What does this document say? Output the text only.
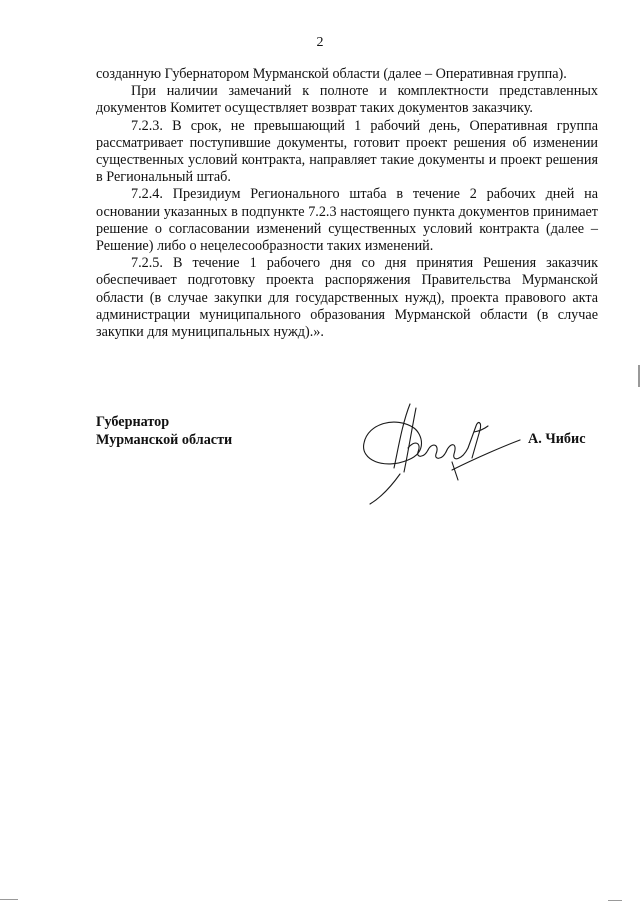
2

созданную Губернатором Мурманской области (далее – Оперативная группа).

При наличии замечаний к полноте и комплектности представленных документов Комитет осуществляет возврат таких документов заказчику.

7.2.3. В срок, не превышающий 1 рабочий день, Оперативная группа рассматривает поступившие документы, готовит проект решения об изменении существенных условий контракта, направляет такие документы и проект решения в Региональный штаб.

7.2.4. Президиум Регионального штаба в течение 2 рабочих дней на основании указанных в подпункте 7.2.3 настоящего пункта документов принимает решение о согласовании изменений существенных условий контракта (далее – Решение) либо о нецелесообразности таких изменений.

7.2.5. В течение 1 рабочего дня со дня принятия Решения заказчик обеспечивает подготовку проекта распоряжения Правительства Мурманской области (в случае закупки для государственных нужд), проекта правового акта администрации муниципального образования Мурманской области (в случае закупки для муниципальных нужд).».

Губернатор
Мурманской области	А. Чибис
